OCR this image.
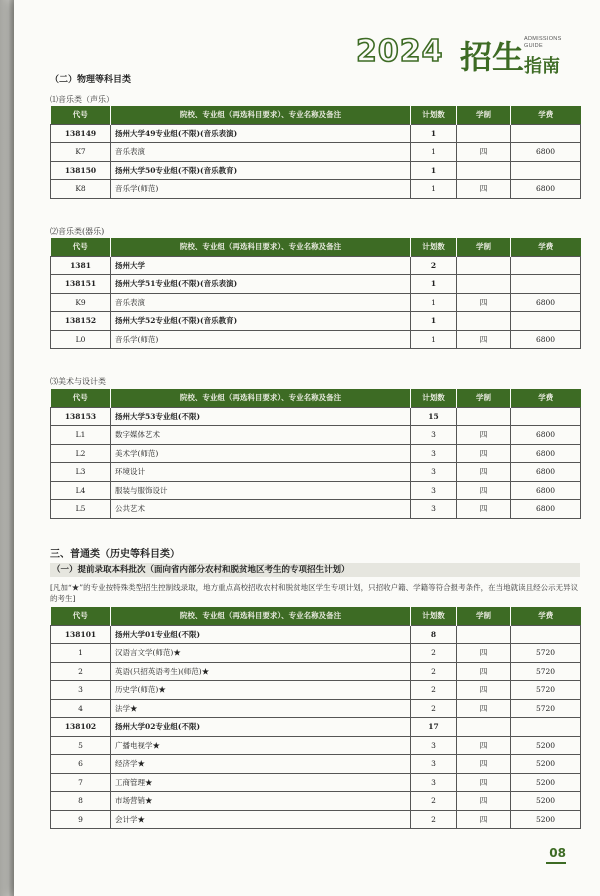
2024 招生 ADMISSIONS
GUIDE
指南
（二）物理等科目类
⑴音乐类（声乐）
代号	院校、专业组（再选科目要求）、专业名称及备注	计划数	学制	学费
138149	扬州大学49专业组(不限)(音乐表演)	1		
K7	音乐表演	1	四	6800
138150	扬州大学50专业组(不限)(音乐教育)	1		
K8	音乐学(师范)	1	四	6800
⑵音乐类(器乐)
代号	院校、专业组（再选科目要求）、专业名称及备注	计划数	学制	学费
1381	扬州大学	2		
138151	扬州大学51专业组(不限)(音乐表演)	1		
K9	音乐表演	1	四	6800
138152	扬州大学52专业组(不限)(音乐教育)	1		
L0	音乐学(师范)	1	四	6800
⑶美术与设计类
代号	院校、专业组（再选科目要求）、专业名称及备注	计划数	学制	学费
138153	扬州大学53专业组(不限)	15		
L1	数字媒体艺术	3	四	6800
L2	美术学(师范)	3	四	6800
L3	环境设计	3	四	6800
L4	服装与服饰设计	3	四	6800
L5	公共艺术	3	四	6800
三、普通类（历史等科目类）
（一）提前录取本科批次（面向省内部分农村和脱贫地区考生的专项招生计划）
[凡加“★”的专业按特殊类型招生控制线录取，地方重点高校招收农村和脱贫地区学生专项计划，只招收户籍、学籍等符合报考条件，在当地就读且经公示无异议的考生]
代号	院校、专业组（再选科目要求）、专业名称及备注	计划数	学制	学费
138101	扬州大学01专业组(不限)	8		
1	汉语言文学(师范)★	2	四	5720
2	英语(只招英语考生)(师范)★	2	四	5720
3	历史学(师范)★	2	四	5720
4	法学★	2	四	5720
138102	扬州大学02专业组(不限)	17		
5	广播电视学★	3	四	5200
6	经济学★	3	四	5200
7	工商管理★	3	四	5200
8	市场营销★	2	四	5200
9	会计学★	2	四	5200
08
